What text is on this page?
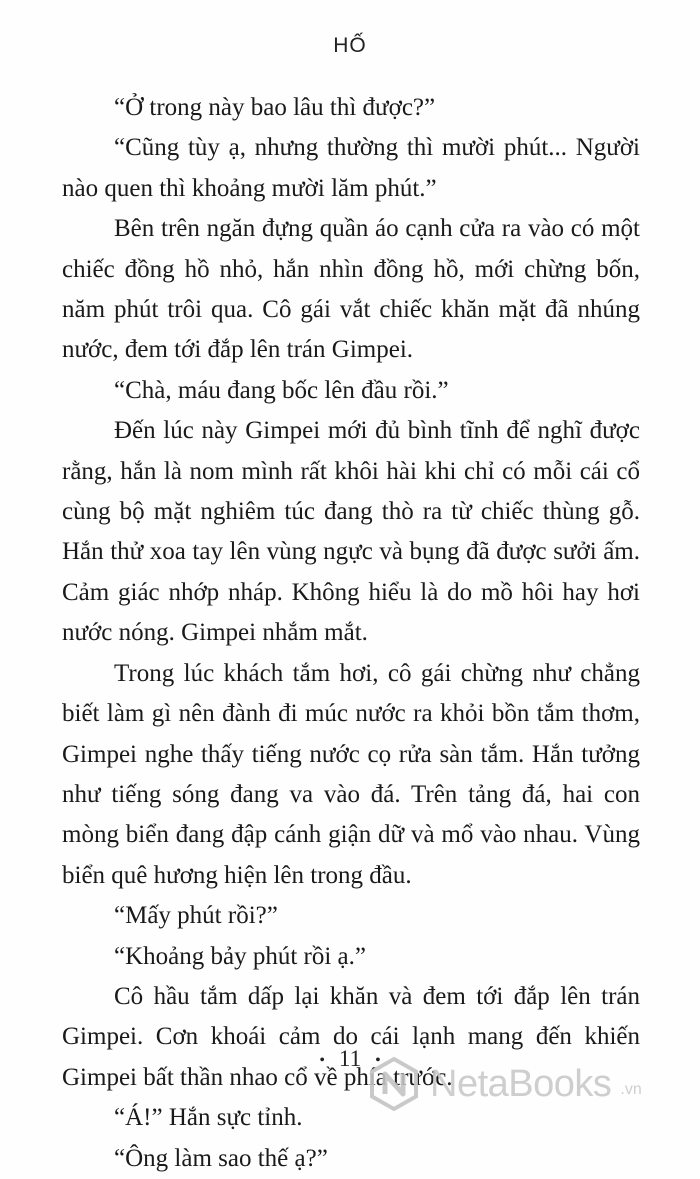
HỐ

“Ở trong này bao lâu thì được?”

“Cũng tùy ạ, nhưng thường thì mười phút... Người nào quen thì khoảng mười lăm phút.”

Bên trên ngăn đựng quần áo cạnh cửa ra vào có một chiếc đồng hồ nhỏ, hắn nhìn đồng hồ, mới chừng bốn, năm phút trôi qua. Cô gái vắt chiếc khăn mặt đã nhúng nước, đem tới đắp lên trán Gimpei.

“Chà, máu đang bốc lên đầu rồi.”

Đến lúc này Gimpei mới đủ bình tĩnh để nghĩ được rằng, hắn là nom mình rất khôi hài khi chỉ có mỗi cái cổ cùng bộ mặt nghiêm túc đang thò ra từ chiếc thùng gỗ. Hắn thử xoa tay lên vùng ngực và bụng đã được sưởi ấm. Cảm giác nhớp nháp. Không hiểu là do mồ hôi hay hơi nước nóng. Gimpei nhắm mắt.

Trong lúc khách tắm hơi, cô gái chừng như chẳng biết làm gì nên đành đi múc nước ra khỏi bồn tắm thơm, Gimpei nghe thấy tiếng nước cọ rửa sàn tắm. Hắn tưởng như tiếng sóng đang va vào đá. Trên tảng đá, hai con mòng biển đang đập cánh giận dữ và mổ vào nhau. Vùng biển quê hương hiện lên trong đầu.

“Mấy phút rồi?”

“Khoảng bảy phút rồi ạ.”

Cô hầu tắm dấp lại khăn và đem tới đắp lên trán Gimpei. Cơn khoái cảm do cái lạnh mang đến khiến Gimpei bất thần nhao cổ về phía trước.

“Á!” Hắn sực tỉnh.

“Ông làm sao thế ạ?”

• 11 •
NetaBooks .vn
